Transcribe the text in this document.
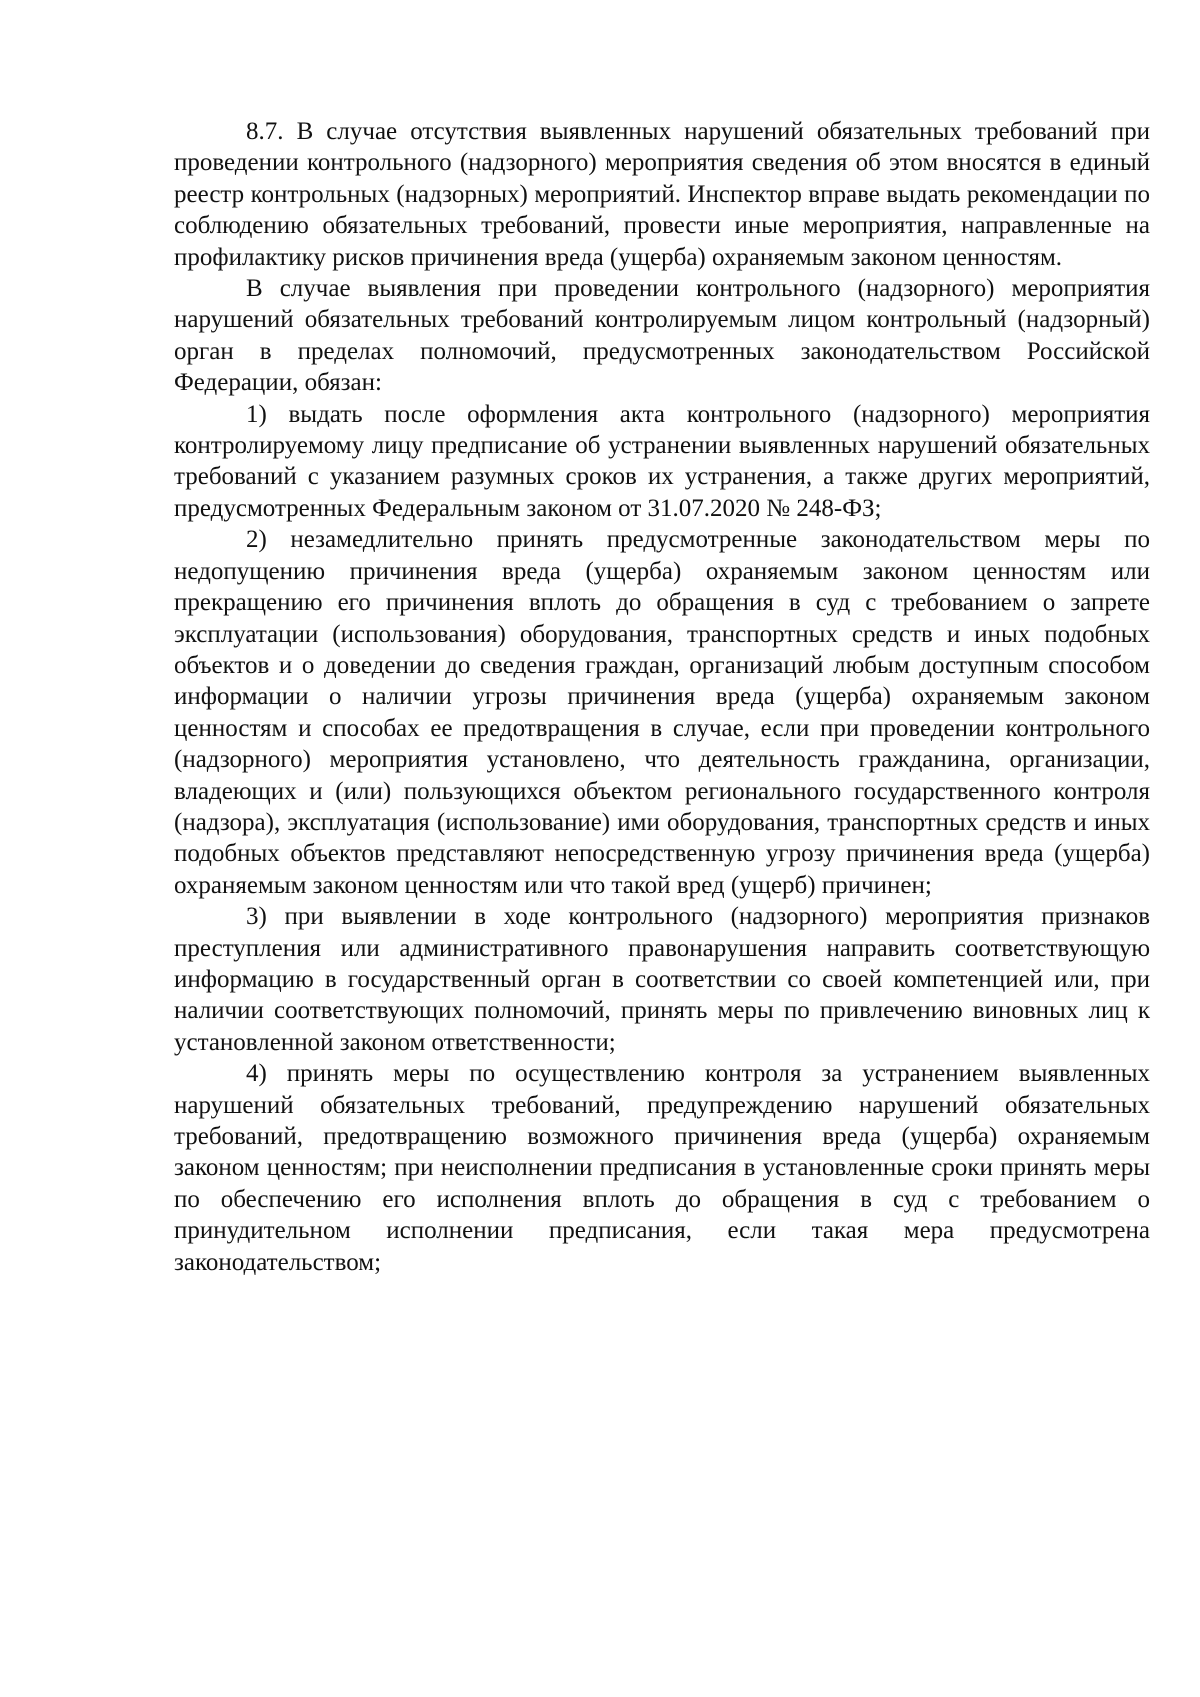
8.7. В случае отсутствия выявленных нарушений обязательных требований при проведении контрольного (надзорного) мероприятия сведения об этом вносятся в единый реестр контрольных (надзорных) мероприятий. Инспектор вправе выдать рекомендации по соблюдению обязательных требований, провести иные мероприятия, направленные на профилактику рисков причинения вреда (ущерба) охраняемым законом ценностям.

В случае выявления при проведении контрольного (надзорного) мероприятия нарушений обязательных требований контролируемым лицом контрольный (надзорный) орган в пределах полномочий, предусмотренных законодательством Российской Федерации, обязан:

1) выдать после оформления акта контрольного (надзорного) мероприятия контролируемому лицу предписание об устранении выявленных нарушений обязательных требований с указанием разумных сроков их устранения, а также других мероприятий, предусмотренных Федеральным законом от 31.07.2020 № 248-ФЗ;

2) незамедлительно принять предусмотренные законодательством меры по недопущению причинения вреда (ущерба) охраняемым законом ценностям или прекращению его причинения вплоть до обращения в суд с требованием о запрете эксплуатации (использования) оборудования, транспортных средств и иных подобных объектов и о доведении до сведения граждан, организаций любым доступным способом информации о наличии угрозы причинения вреда (ущерба) охраняемым законом ценностям и способах ее предотвращения в случае, если при проведении контрольного (надзорного) мероприятия установлено, что деятельность гражданина, организации, владеющих и (или) пользующихся объектом регионального государственного контроля (надзора), эксплуатация (использование) ими оборудования, транспортных средств и иных подобных объектов представляют непосредственную угрозу причинения вреда (ущерба) охраняемым законом ценностям или что такой вред (ущерб) причинен;

3) при выявлении в ходе контрольного (надзорного) мероприятия признаков преступления или административного правонарушения направить соответствующую информацию в государственный орган в соответствии со своей компетенцией или, при наличии соответствующих полномочий, принять меры по привлечению виновных лиц к установленной законом ответственности;

4) принять меры по осуществлению контроля за устранением выявленных нарушений обязательных требований, предупреждению нарушений обязательных требований, предотвращению возможного причинения вреда (ущерба) охраняемым законом ценностям; при неисполнении предписания в установленные сроки принять меры по обеспечению его исполнения вплоть до обращения в суд с требованием о принудительном исполнении предписания, если такая мера предусмотрена законодательством;
